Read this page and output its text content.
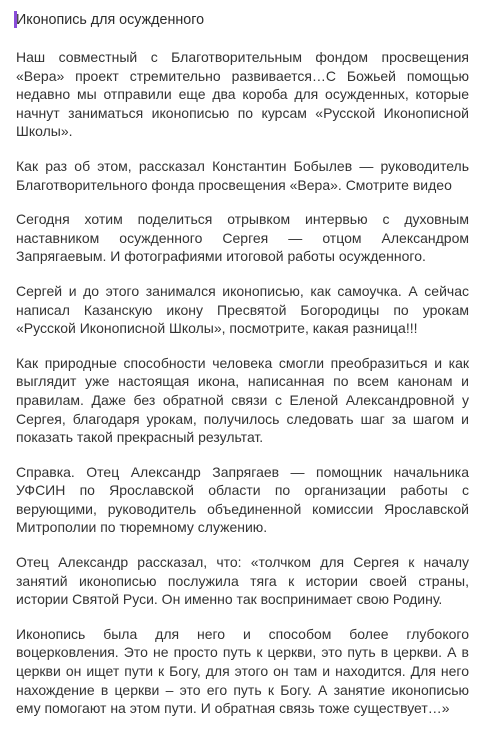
Иконопись для осужденного

Наш совместный с Благотворительным фондом просвещения «Вера» проект стремительно развивается…С Божьей помощью недавно мы отправили еще два короба для осужденных, которые начнут заниматься иконописью по курсам «Русской Иконописной Школы».

Как раз об этом, рассказал Константин Бобылев — руководитель Благотворительного фонда просвещения «Вера». Смотрите видео

Сегодня хотим поделиться отрывком интервью с духовным наставником осужденного Сергея — отцом Александром Запрягаевым. И фотографиями итоговой работы осужденного.

Сергей и до этого занимался иконописью, как самоучка. А сейчас написал Казанскую икону Пресвятой Богородицы по урокам «Русской Иконописной Школы», посмотрите, какая разница!!!

Как природные способности человека смогли преобразиться и как выглядит уже настоящая икона, написанная по всем канонам и правилам. Даже без обратной связи с Еленой Александровной у Сергея, благодаря урокам, получилось следовать шаг за шагом и показать такой прекрасный результат.

Справка. Отец Александр Запрягаев — помощник начальника УФСИН по Ярославской области по организации работы с верующими, руководитель объединенной комиссии Ярославской Митрополии по тюремному служению.

Отец Александр рассказал, что: «толчком для Сергея к началу занятий иконописью послужила тяга к истории своей страны, истории Святой Руси. Он именно так воспринимает свою Родину.

Иконопись была для него и способом более глубокого воцерковления. Это не просто путь к церкви, это путь в церкви. А в церкви он ищет пути к Богу, для этого он там и находится. Для него нахождение в церкви – это его путь к Богу. А занятие иконописью ему помогают на этом пути. И обратная связь тоже существует…»
